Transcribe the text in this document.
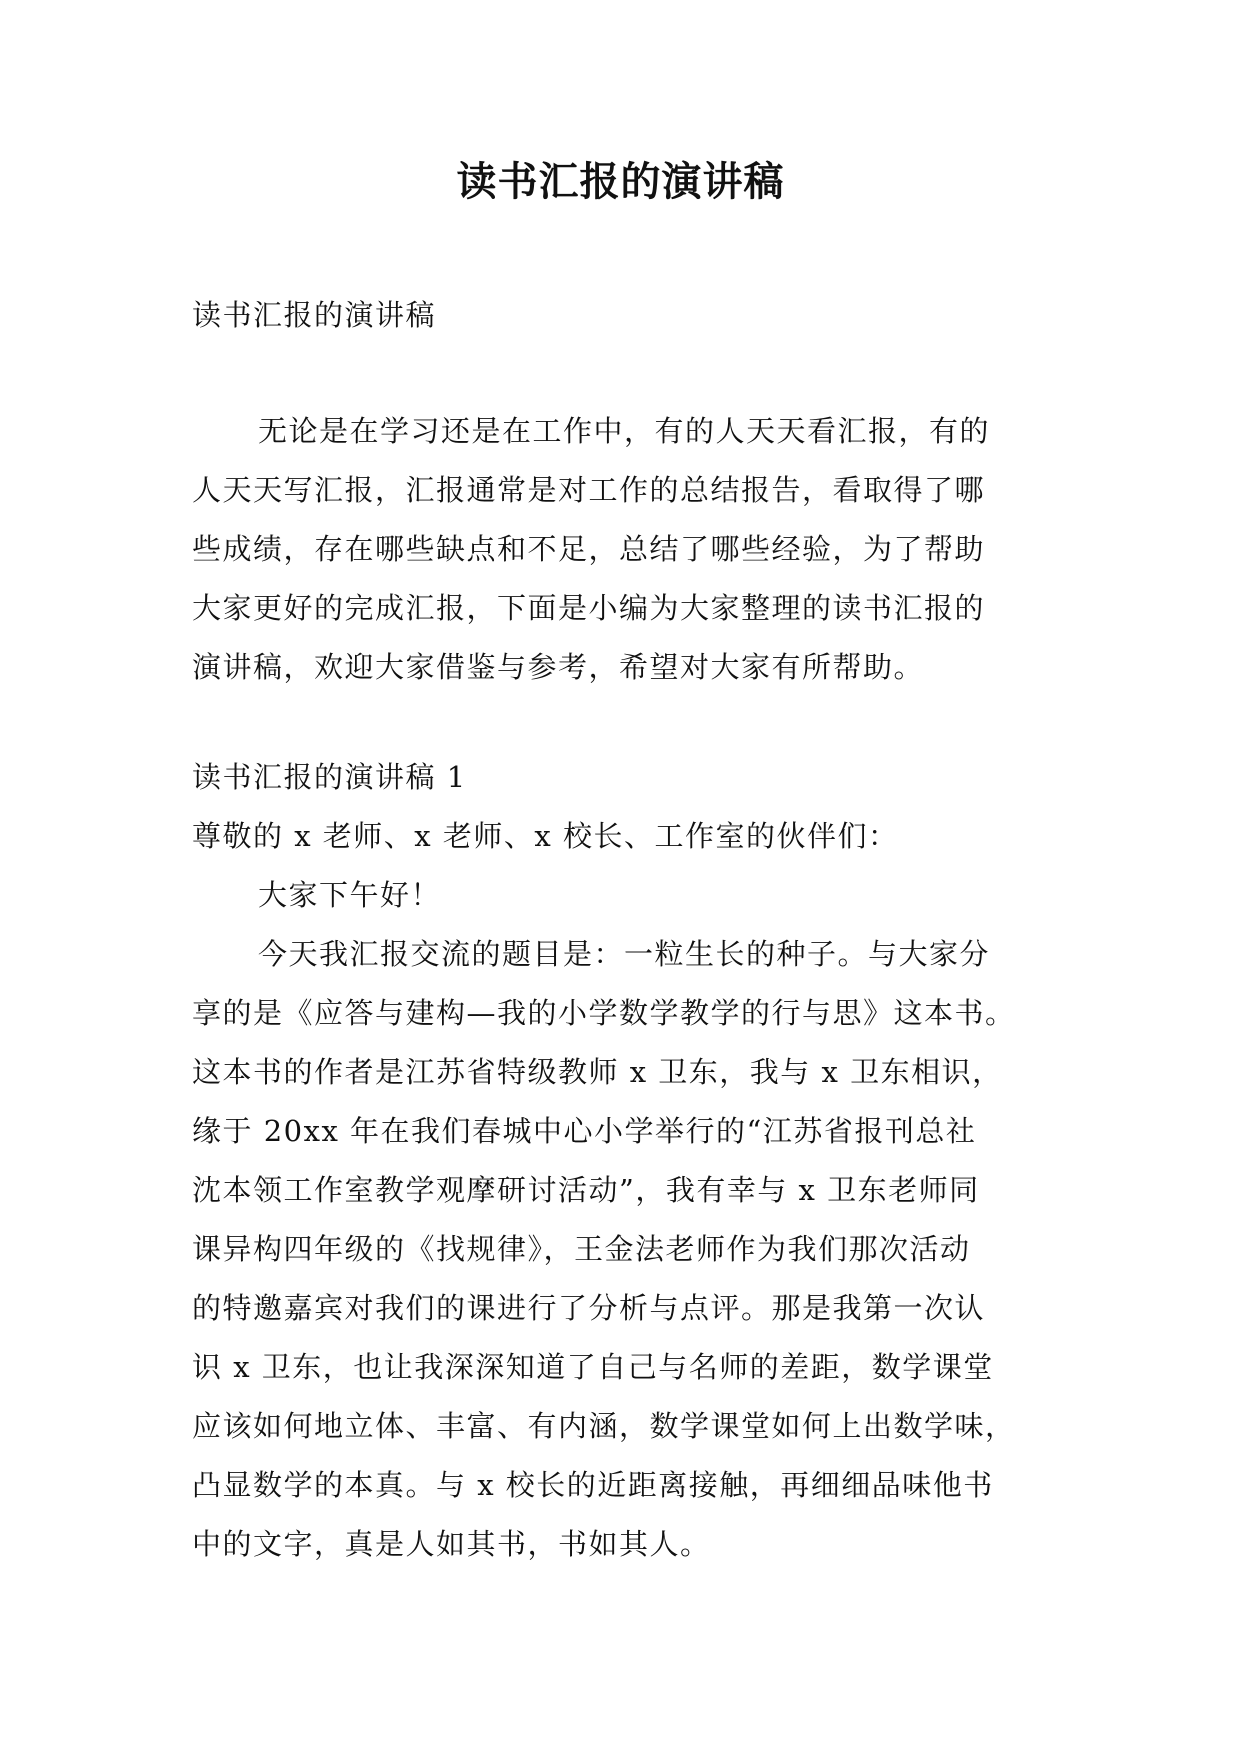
读书汇报的演讲稿
读书汇报的演讲稿
无论是在学习还是在工作中，有的人天天看汇报，有的
人天天写汇报，汇报通常是对工作的总结报告，看取得了哪
些成绩，存在哪些缺点和不足，总结了哪些经验，为了帮助
大家更好的完成汇报，下面是小编为大家整理的读书汇报的
演讲稿，欢迎大家借鉴与参考，希望对大家有所帮助。
读书汇报的演讲稿 1
尊敬的 x 老师、x 老师、x 校长、工作室的伙伴们：
大家下午好！
今天我汇报交流的题目是：一粒生长的种子。与大家分
享的是《应答与建构—我的小学数学教学的行与思》这本书。
这本书的作者是江苏省特级教师 x 卫东，我与 x 卫东相识，
缘于 20xx 年在我们春城中心小学举行的“江苏省报刊总社
沈本领工作室教学观摩研讨活动”，我有幸与 x 卫东老师同
课异构四年级的《找规律》，王金法老师作为我们那次活动
的特邀嘉宾对我们的课进行了分析与点评。那是我第一次认
识 x 卫东，也让我深深知道了自己与名师的差距，数学课堂
应该如何地立体、丰富、有内涵，数学课堂如何上出数学味，
凸显数学的本真。与 x 校长的近距离接触，再细细品味他书
中的文字，真是人如其书，书如其人。
